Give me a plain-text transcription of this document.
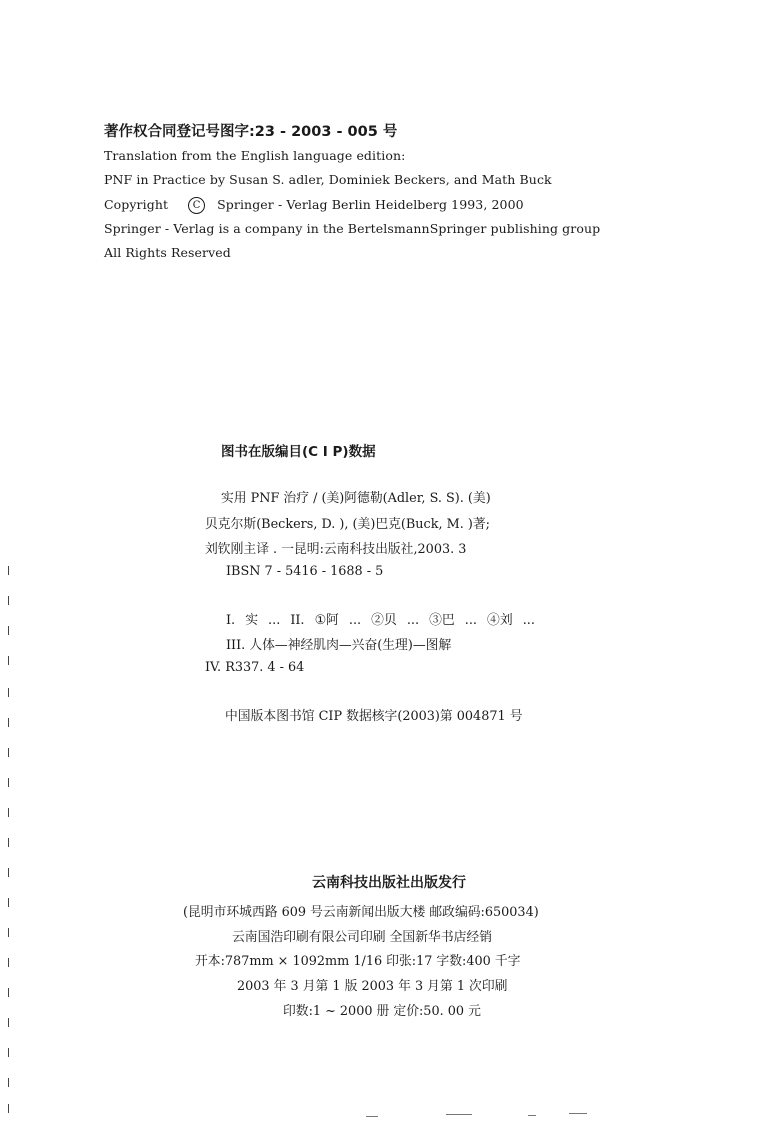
著作权合同登记号图字:23 - 2003 - 005 号
Translation from the English language edition:
PNF in Practice by Susan S. adler, Dominiek Beckers, and Math Buck
Copyright C Springer - Verlag Berlin Heidelberg 1993, 2000
Springer - Verlag is a company in the BertelsmannSpringer publishing group
All Rights Reserved
图书在版编目(C I P)数据
实用 PNF 治疗 / (美)阿德勒(Adler, S. S). (美)
贝克尔斯(Beckers, D. ), (美)巴克(Buck, M. )著;
刘钦刚主译 . 一昆明:云南科技出版社,2003. 3
IBSN 7 - 5416 - 1688 - 5
I. 实 ... II. ①阿 ... ②贝 ... ③巴 ... ④刘 ...
III. 人体—神经肌肉—兴奋(生理)—图解
IV. R337. 4 - 64
中国版本图书馆 CIP 数据核字(2003)第 004871 号
云南科技出版社出版发行
(昆明市环城西路 609 号云南新闻出版大楼 邮政编码:650034)
云南国浩印刷有限公司印刷 全国新华书店经销
开本:787mm × 1092mm 1/16 印张:17 字数:400 千字
2003 年 3 月第 1 版 2003 年 3 月第 1 次印刷
印数:1 ~ 2000 册 定价:50. 00 元
